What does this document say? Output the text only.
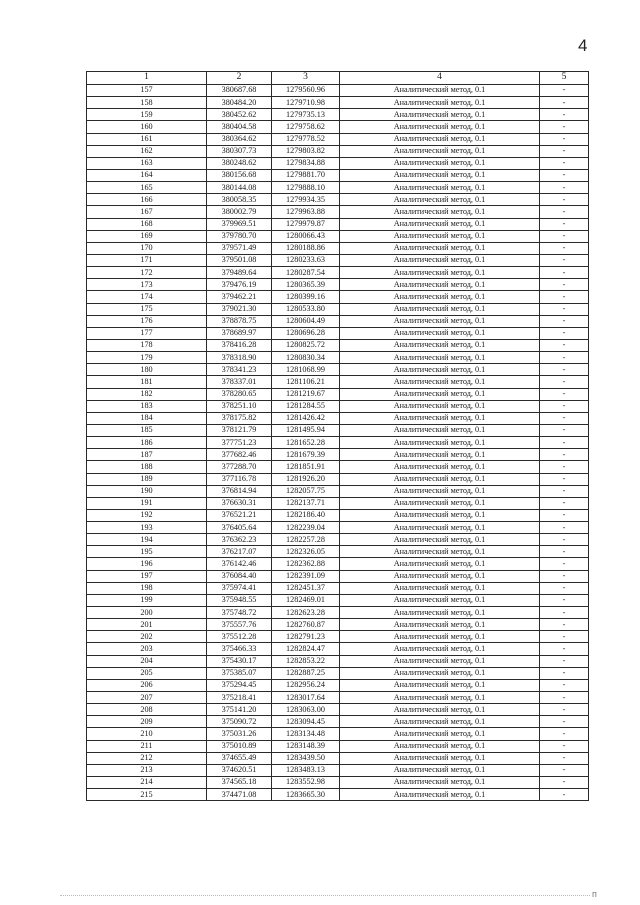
4
1	2	3	4	5
157	380687.68	1279560.96	Аналитический метод, 0.1	-
158	380484.20	1279710.98	Аналитический метод, 0.1	-
159	380452.62	1279735.13	Аналитический метод, 0.1	-
160	380404.58	1279758.62	Аналитический метод, 0.1	-
161	380364.62	1279778.52	Аналитический метод, 0.1	-
162	380307.73	1279803.82	Аналитический метод, 0.1	-
163	380248.62	1279834.88	Аналитический метод, 0.1	-
164	380156.68	1279881.70	Аналитический метод, 0.1	-
165	380144.08	1279888.10	Аналитический метод, 0.1	-
166	380058.35	1279934.35	Аналитический метод, 0.1	-
167	380002.79	1279963.88	Аналитический метод, 0.1	-
168	379969.51	1279979.87	Аналитический метод, 0.1	-
169	379780.70	1280066.43	Аналитический метод, 0.1	-
170	379571.49	1280188.86	Аналитический метод, 0.1	-
171	379501.08	1280233.63	Аналитический метод, 0.1	-
172	379489.64	1280287.54	Аналитический метод, 0.1	-
173	379476.19	1280365.39	Аналитический метод, 0.1	-
174	379462.21	1280399.16	Аналитический метод, 0.1	-
175	379021.30	1280533.80	Аналитический метод, 0.1	-
176	378878.75	1280604.49	Аналитический метод, 0.1	-
177	378689.97	1280696.28	Аналитический метод, 0.1	-
178	378416.28	1280825.72	Аналитический метод, 0.1	-
179	378318.90	1280830.34	Аналитический метод, 0.1	-
180	378341.23	1281068.99	Аналитический метод, 0.1	-
181	378337.01	1281106.21	Аналитический метод, 0.1	-
182	378280.65	1281219.67	Аналитический метод, 0.1	-
183	378251.10	1281284.55	Аналитический метод, 0.1	-
184	378175.82	1281426.42	Аналитический метод, 0.1	-
185	378121.79	1281495.94	Аналитический метод, 0.1	-
186	377751.23	1281652.28	Аналитический метод, 0.1	-
187	377682.46	1281679.39	Аналитический метод, 0.1	-
188	377288.70	1281851.91	Аналитический метод, 0.1	-
189	377116.78	1281926.20	Аналитический метод, 0.1	-
190	376814.94	1282057.75	Аналитический метод, 0.1	-
191	376630.31	1282137.71	Аналитический метод, 0.1	-
192	376521.21	1282186.40	Аналитический метод, 0.1	-
193	376405.64	1282239.04	Аналитический метод, 0.1	-
194	376362.23	1282257.28	Аналитический метод, 0.1	-
195	376217.07	1282326.05	Аналитический метод, 0.1	-
196	376142.46	1282362.88	Аналитический метод, 0.1	-
197	376084.40	1282391.09	Аналитический метод, 0.1	-
198	375974.41	1282451.37	Аналитический метод, 0.1	-
199	375948.55	1282469.01	Аналитический метод, 0.1	-
200	375748.72	1282623.28	Аналитический метод, 0.1	-
201	375557.76	1282760.87	Аналитический метод, 0.1	-
202	375512.28	1282791.23	Аналитический метод, 0.1	-
203	375466.33	1282824.47	Аналитический метод, 0.1	-
204	375430.17	1282853.22	Аналитический метод, 0.1	-
205	375385.07	1282887.25	Аналитический метод, 0.1	-
206	375294.45	1282956.24	Аналитический метод, 0.1	-
207	375218.41	1283017.64	Аналитический метод, 0.1	-
208	375141.20	1283063.00	Аналитический метод, 0.1	-
209	375090.72	1283094.45	Аналитический метод, 0.1	-
210	375031.26	1283134.48	Аналитический метод, 0.1	-
211	375010.89	1283148.39	Аналитический метод, 0.1	-
212	374655.49	1283439.50	Аналитический метод, 0.1	-
213	374620.51	1283483.13	Аналитический метод, 0.1	-
214	374565.18	1283552.98	Аналитический метод, 0.1	-
215	374471.08	1283665.30	Аналитический метод, 0.1	-
п
